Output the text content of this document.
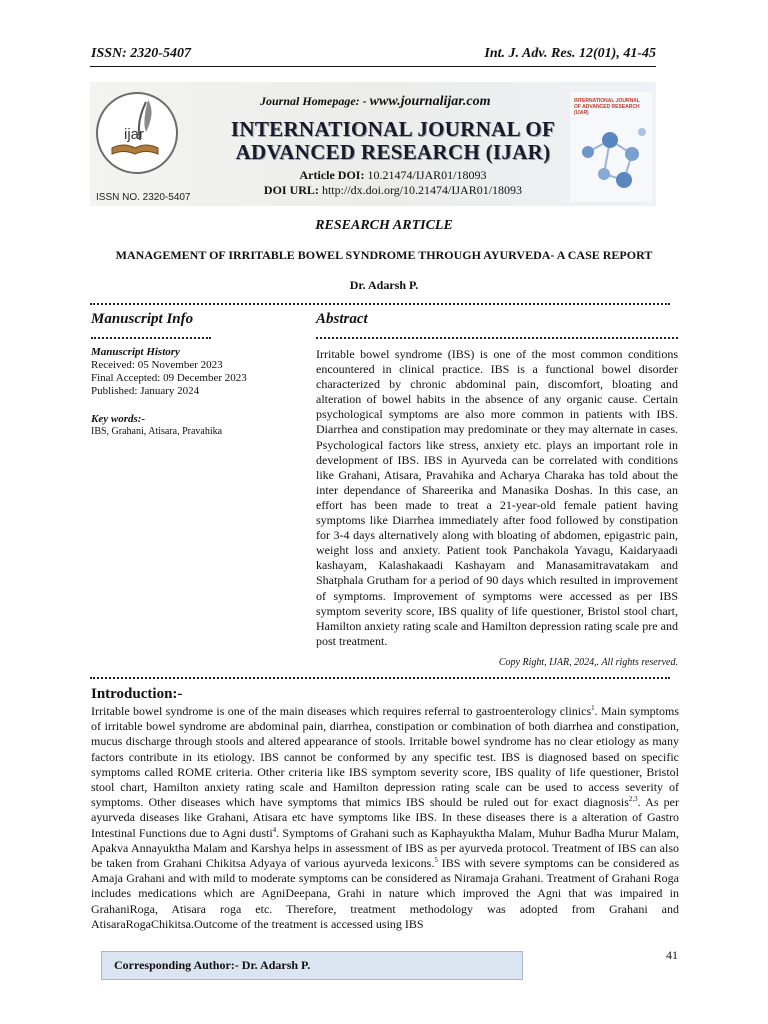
ISSN: 2320-5407	Int. J. Adv. Res. 12(01), 41-45
ijar
ISSN NO. 2320-5407
Journal Homepage: - www.journalijar.com
INTERNATIONAL JOURNAL OF
ADVANCED RESEARCH (IJAR)
Article DOI: 10.21474/IJAR01/18093
DOI URL: http://dx.doi.org/10.21474/IJAR01/18093
INTERNATIONAL JOURNAL OF ADVANCED RESEARCH (IJAR)
RESEARCH ARTICLE
MANAGEMENT OF IRRITABLE BOWEL SYNDROME THROUGH AYURVEDA- A CASE REPORT
Dr. Adarsh P.
Manuscript Info
Manuscript History
Received: 05 November 2023
Final Accepted: 09 December 2023
Published: January 2024
Key words:-
IBS, Grahani, Atisara, Pravahika
Abstract
Irritable bowel syndrome (IBS) is one of the most common conditions encountered in clinical practice. IBS is a functional bowel disorder characterized by chronic abdominal pain, discomfort, bloating and alteration of bowel habits in the absence of any organic cause. Certain psychological symptoms are also more common in patients with IBS. Diarrhea and constipation may predominate or they may alternate in cases. Psychological factors like stress, anxiety etc. plays an important role in development of IBS. IBS in Ayurveda can be correlated with conditions like Grahani, Atisara, Pravahika and Acharya Charaka has told about the inter dependance of Shareerika and Manasika Doshas. In this case, an effort has been made to treat a 21-year-old female patient having symptoms like Diarrhea immediately after food followed by constipation for 3-4 days alternatively along with bloating of abdomen, epigastric pain, weight loss and anxiety. Patient took Panchakola Yavagu, Kaidaryaadi kashayam, Kalashakaadi Kashayam and Manasamitravatakam and Shatphala Grutham for a period of 90 days which resulted in improvement of symptoms. Improvement of symptoms were accessed as per IBS symptom severity score, IBS quality of life questioner, Bristol stool chart, Hamilton anxiety rating scale and Hamilton depression rating scale pre and post treatment.
Copy Right, IJAR, 2024,. All rights reserved.
Introduction:-
Irritable bowel syndrome is one of the main diseases which requires referral to gastroenterology clinics$^1$. Main symptoms of irritable bowel syndrome are abdominal pain, diarrhea, constipation or combination of both diarrhea and constipation, mucus discharge through stools and altered appearance of stools. Irritable bowel syndrome has no clear etiology as many factors contribute in its etiology. IBS cannot be conformed by any specific test. IBS is diagnosed based on specific symptoms called ROME criteria. Other criteria like IBS symptom severity score, IBS quality of life questioner, Bristol stool chart, Hamilton anxiety rating scale and Hamilton depression rating scale can be used to access severity of symptoms. Other diseases which have symptoms that mimics IBS should be ruled out for exact diagnosis$^{2,3}$. As per ayurveda diseases like Grahani, Atisara etc have symptoms like IBS. In these diseases there is a alteration of Gastro Intestinal Functions due to Agni dusti$^4$. Symptoms of Grahani such as Kaphayuktha Malam, Muhur Badha Murur Malam, Apakva Annayuktha Malam and Karshya helps in assessment of IBS as per ayurveda protocol. Treatment of IBS can also be taken from Grahani Chikitsa Adyaya of various ayurveda lexicons.$^5$ IBS with severe symptoms can be considered as Amaja Grahani and with mild to moderate symptoms can be considered as Niramaja Grahani. Treatment of Grahani Roga includes medications which are AgniDeepana, Grahi in nature which improved the Agni that was impaired in GrahaniRoga, Atisara roga etc. Therefore, treatment methodology was adopted from Grahani and AtisaraRogaChikitsa.Outcome of the treatment is accessed using IBS
41
Corresponding Author:- Dr. Adarsh P.
